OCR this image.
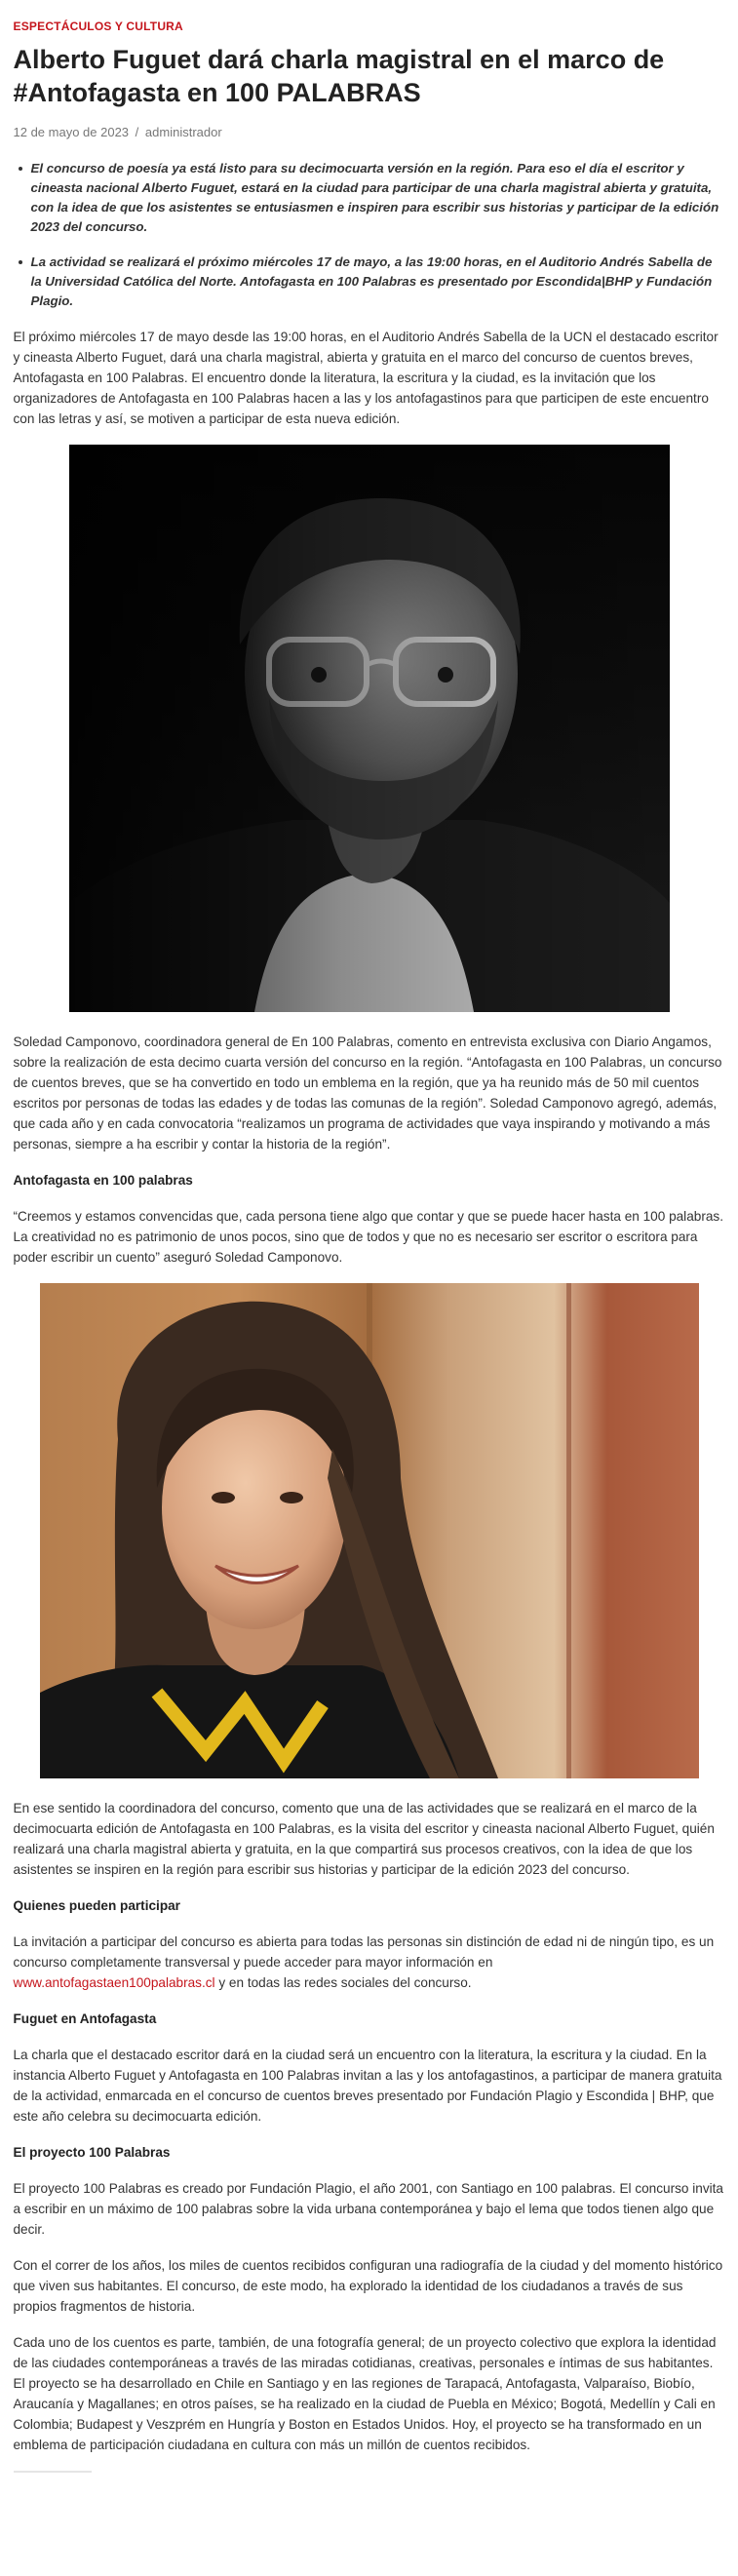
ESPECTÁCULOS Y CULTURA
Alberto Fuguet dará charla magistral en el marco de #Antofagasta en 100 PALABRAS
12 de mayo de 2023 / administrador
El concurso de poesía ya está listo para su decimocuarta versión en la región. Para eso el día el escritor y cineasta nacional Alberto Fuguet, estará en la ciudad para participar de una charla magistral abierta y gratuita, con la idea de que los asistentes se entusiasmen e inspiren para escribir sus historias y participar de la edición 2023 del concurso.
La actividad se realizará el próximo miércoles 17 de mayo, a las 19:00 horas, en el Auditorio Andrés Sabella de la Universidad Católica del Norte. Antofagasta en 100 Palabras es presentado por Escondida|BHP y Fundación Plagio.

El próximo miércoles 17 de mayo desde las 19:00 horas, en el Auditorio Andrés Sabella de la UCN el destacado escritor y cineasta Alberto Fuguet, dará una charla magistral, abierta y gratuita en el marco del concurso de cuentos breves, Antofagasta en 100 Palabras. El encuentro donde la literatura, la escritura y la ciudad, es la invitación que los organizadores de Antofagasta en 100 Palabras hacen a las y los antofagastinos para que participen de este encuentro con las letras y así, se motiven a participar de esta nueva edición.

Soledad Camponovo, coordinadora general de En 100 Palabras, comento en entrevista exclusiva con Diario Angamos, sobre la realización de esta decimo cuarta versión del concurso en la región. “Antofagasta en 100 Palabras, un concurso de cuentos breves, que se ha convertido en todo un emblema en la región, que ya ha reunido más de 50 mil cuentos escritos por personas de todas las edades y de todas las comunas de la región”. Soledad Camponovo agregó, además, que cada año y en cada convocatoria “realizamos un programa de actividades que vaya inspirando y motivando a más personas, siempre a ha escribir y contar la historia de la región”.

Antofagasta en 100 palabras

“Creemos y estamos convencidas que, cada persona tiene algo que contar y que se puede hacer hasta en 100 palabras. La creatividad no es patrimonio de unos pocos, sino que de todos y que no es necesario ser escritor o escritora para poder escribir un cuento” aseguró Soledad Camponovo.

En ese sentido la coordinadora del concurso, comento que una de las actividades que se realizará en el marco de la decimocuarta edición de Antofagasta en 100 Palabras, es la visita del escritor y cineasta nacional Alberto Fuguet, quién realizará una charla magistral abierta y gratuita, en la que compartirá sus procesos creativos, con la idea de que los asistentes se inspiren en la región para escribir sus historias y participar de la edición 2023 del concurso.

Quienes pueden participar

La invitación a participar del concurso es abierta para todas las personas sin distinción de edad ni de ningún tipo, es un concurso completamente transversal y puede acceder para mayor información en
www.antofagastaen100palabras.cl y en todas las redes sociales del concurso.

Fuguet en Antofagasta

La charla que el destacado escritor dará en la ciudad será un encuentro con la literatura, la escritura y la ciudad. En la instancia Alberto Fuguet y Antofagasta en 100 Palabras invitan a las y los antofagastinos, a participar de manera gratuita de la actividad, enmarcada en el concurso de cuentos breves presentado por Fundación Plagio y Escondida | BHP, que este año celebra su decimocuarta edición.

El proyecto 100 Palabras

El proyecto 100 Palabras es creado por Fundación Plagio, el año 2001, con Santiago en 100 palabras. El concurso invita a escribir en un máximo de 100 palabras sobre la vida urbana contemporánea y bajo el lema que todos tienen algo que decir.

Con el correr de los años, los miles de cuentos recibidos configuran una radiografía de la ciudad y del momento histórico que viven sus habitantes. El concurso, de este modo, ha explorado la identidad de los ciudadanos a través de sus propios fragmentos de historia.

Cada uno de los cuentos es parte, también, de una fotografía general; de un proyecto colectivo que explora la identidad de las ciudades contemporáneas a través de las miradas cotidianas, creativas, personales e íntimas de sus habitantes. El proyecto se ha desarrollado en Chile en Santiago y en las regiones de Tarapacá, Antofagasta, Valparaíso, Biobío, Araucanía y Magallanes; en otros países, se ha realizado en la ciudad de Puebla en México; Bogotá, Medellín y Cali en Colombia; Budapest y Veszprém en Hungría y Boston en Estados Unidos. Hoy, el proyecto se ha transformado en un emblema de participación ciudadana en cultura con más un millón de cuentos recibidos.
